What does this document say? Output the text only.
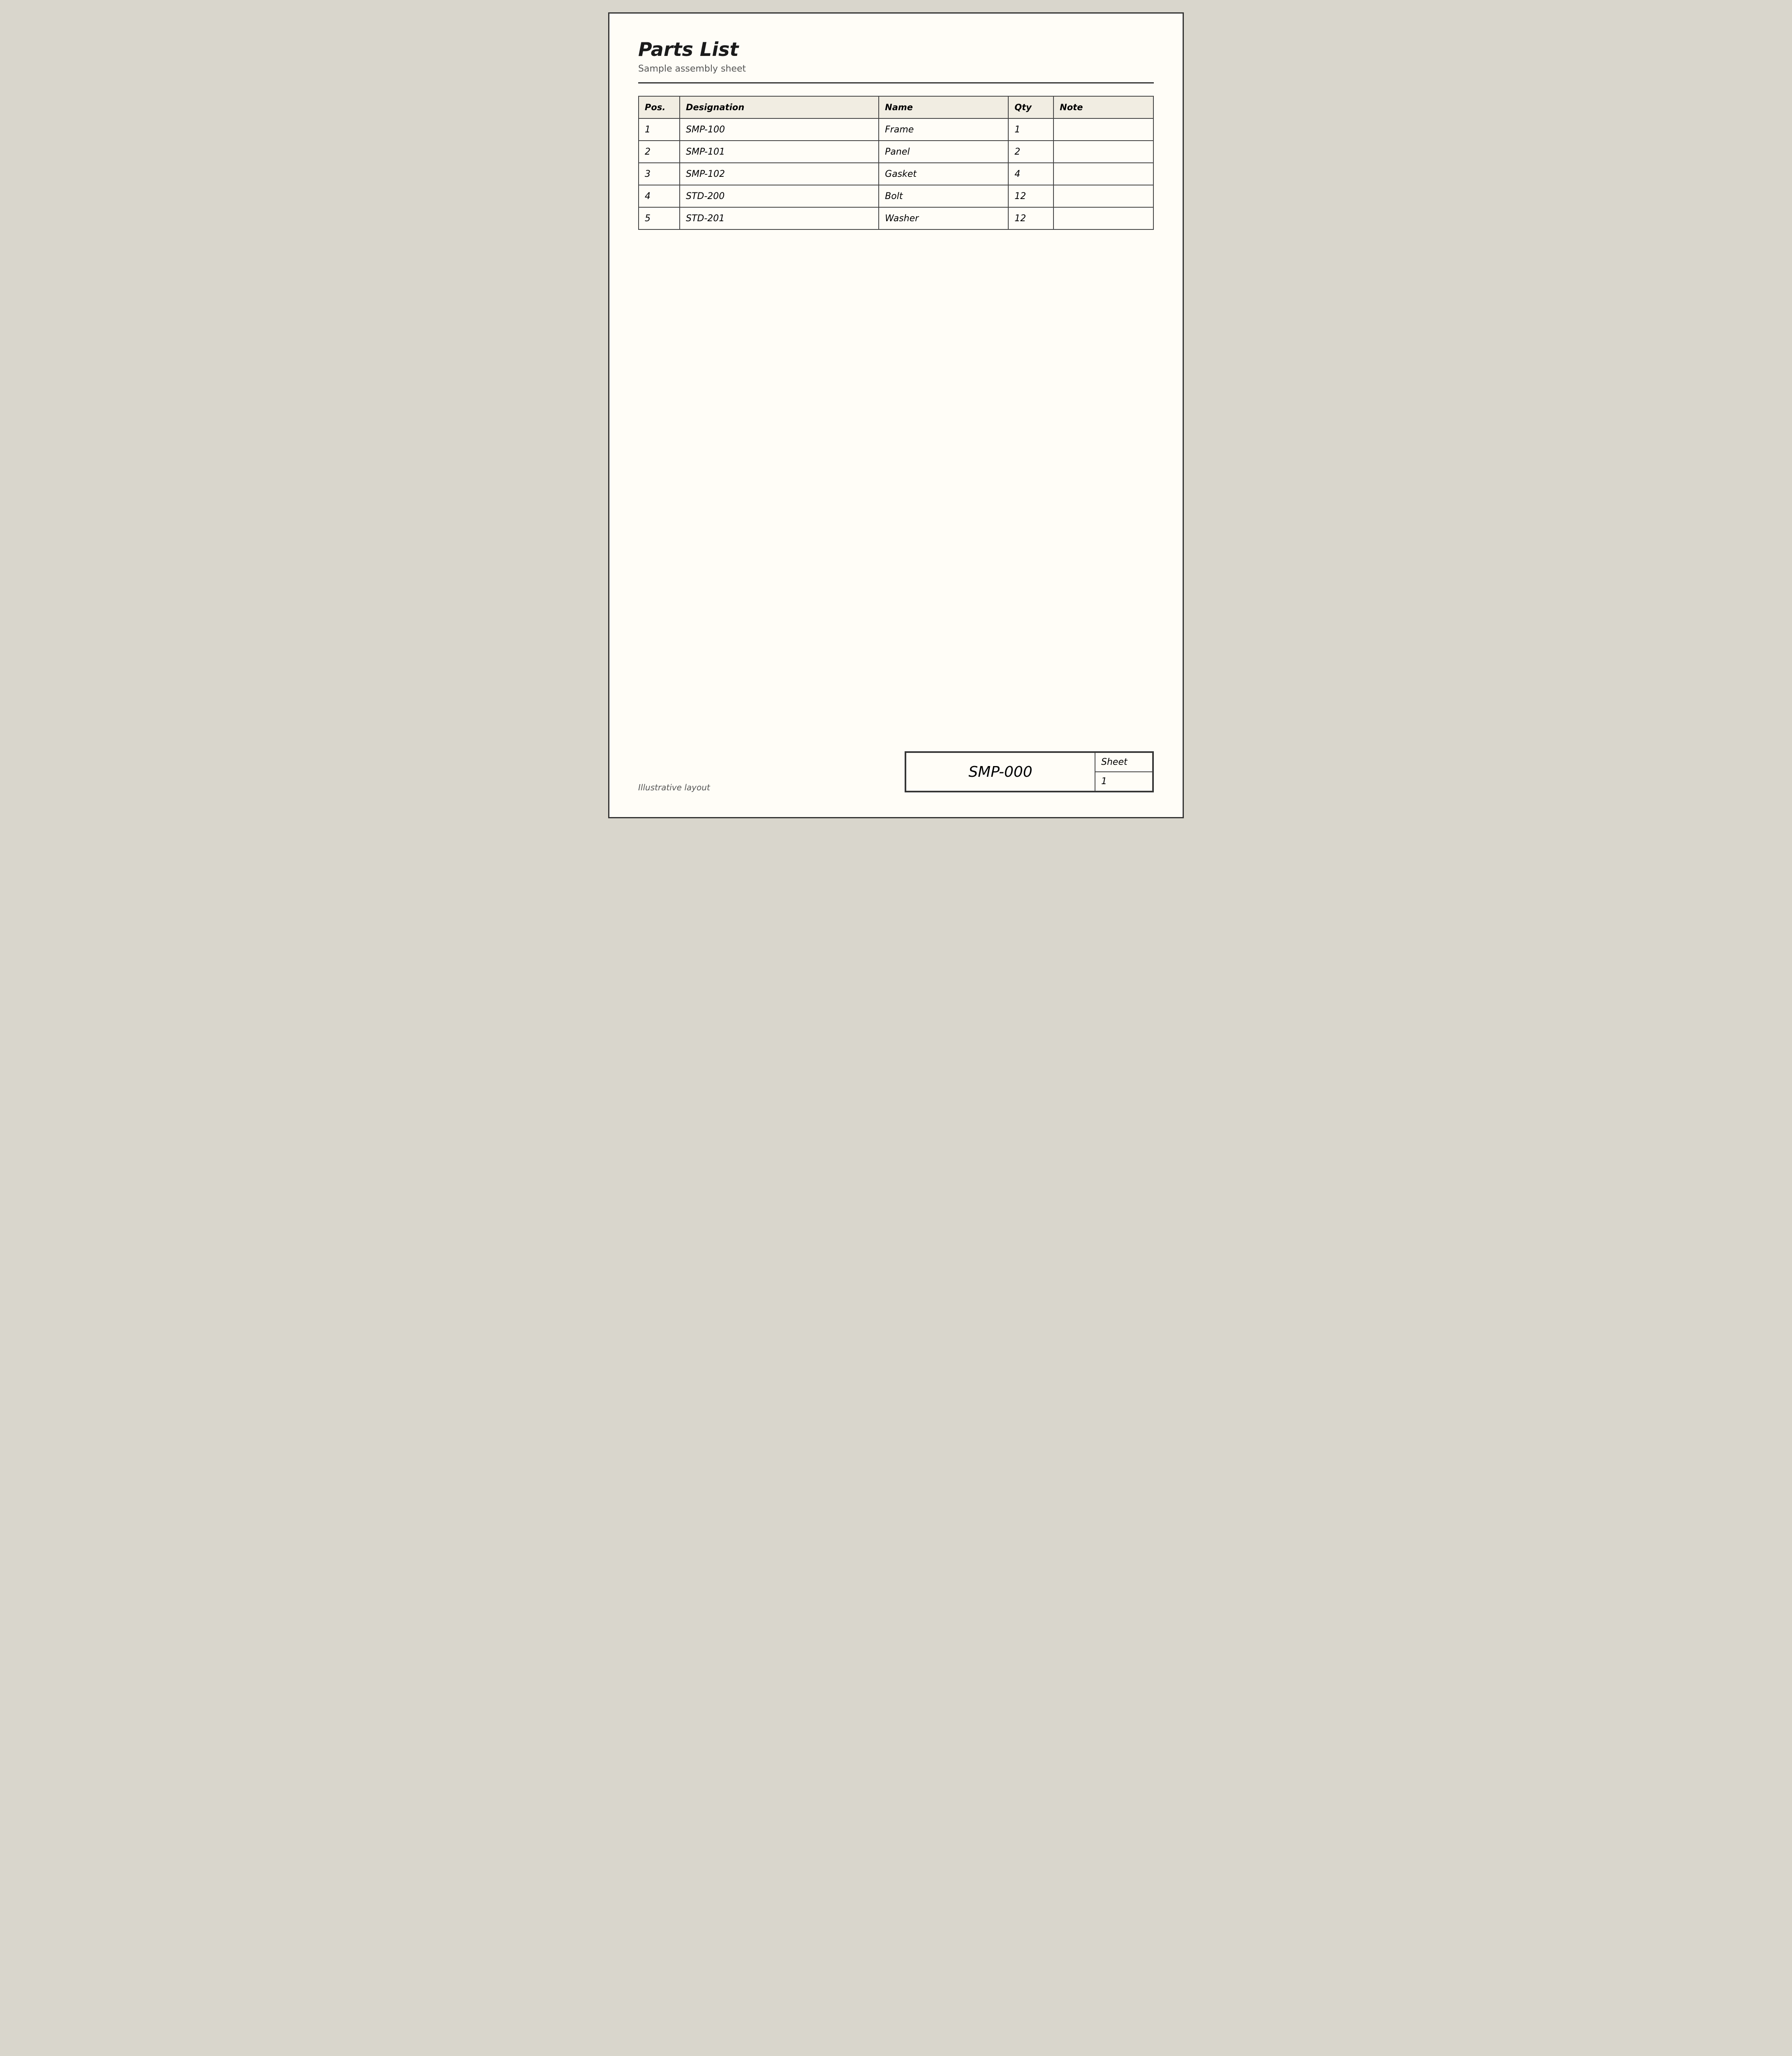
Parts List
Sample assembly sheet
Pos.	Designation	Name	Qty	Note
1	SMP-100	Frame	1	
2	SMP-101	Panel	2	
3	SMP-102	Gasket	4	
4	STD-200	Bolt	12	
5	STD-201	Washer	12	
Illustrative layout
SMP-000
Sheet
1
